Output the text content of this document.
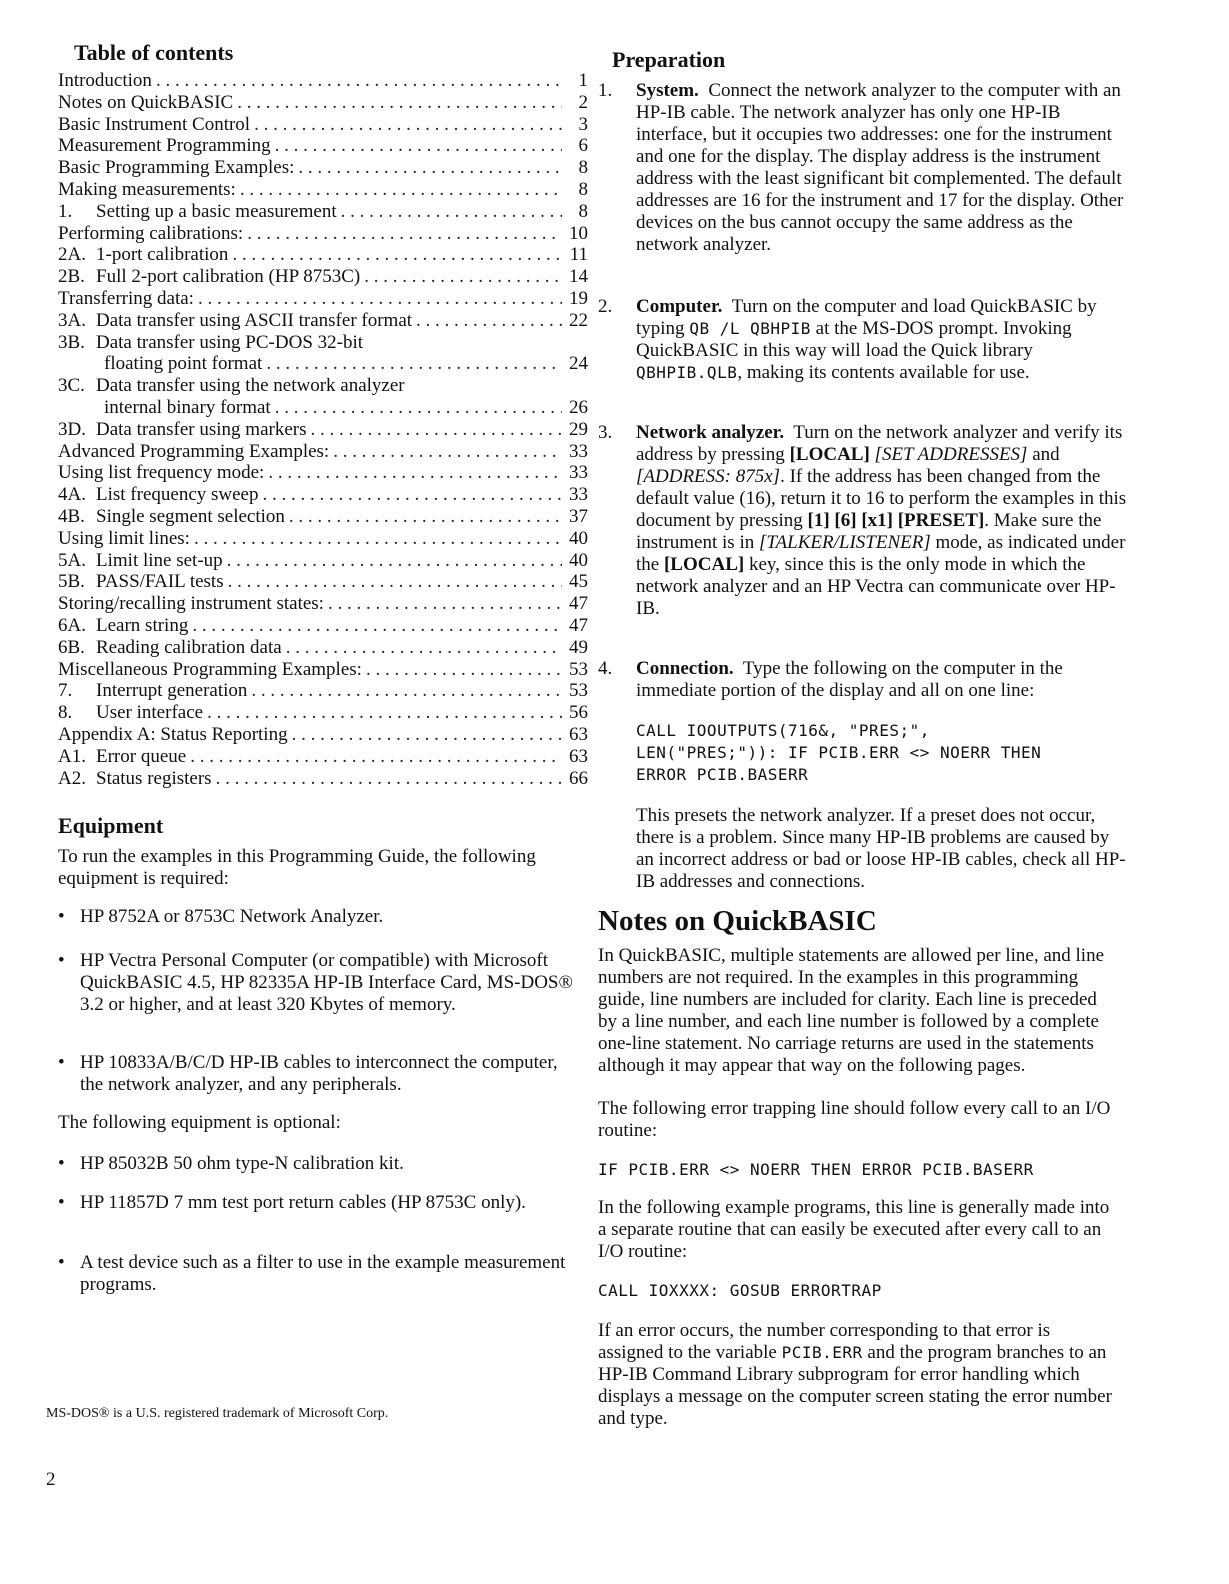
Table of contents
Introduction . . .	1
Notes on QuickBASIC . . .	2
Basic Instrument Control . . .	3
Measurement Programming . . .	6
Basic Programming Examples: . . .	8
Making measurements: . . .	8
1.	Setting up a basic measurement . . .	8
Performing calibrations: . . .	10
2A. 1-port calibration . . .	11
2B. Full 2-port calibration (HP 8753C) . . .	14
Transferring data: . . .	19
3A. Data transfer using ASCII transfer format . . .	22
3B. Data transfer using PC-DOS 32-bit
floating point format . . .	24
3C. Data transfer using the network analyzer
internal binary format . . .	26
3D. Data transfer using markers . . .	29
Advanced Programming Examples: . . .	33
Using list frequency mode: . . .	33
4A. List frequency sweep . . .	33
4B. Single segment selection . . .	37
Using limit lines: . . .	40
5A. Limit line set-up . . .	40
5B. PASS/FAIL tests . . .	45
Storing/recalling instrument states: . . .	47
6A. Learn string . . .	47
6B. Reading calibration data . . .	49
Miscellaneous Programming Examples: . . .	53
7.	Interrupt generation . . .	53
8.	User interface . . .	56
Appendix A: Status Reporting . . .	63
A1. Error queue . . .	63
A2. Status registers . . .	66
Equipment

To run the examples in this Programming Guide, the following equipment is required:

• HP 8752A or 8753C Network Analyzer.
• HP Vectra Personal Computer (or compatible) with Microsoft QuickBASIC 4.5, HP 82335A HP-IB Interface Card, MS-DOS® 3.2 or higher, and at least 320 Kbytes of memory.
• HP 10833A/B/C/D HP-IB cables to interconnect the computer, the network analyzer, and any peripherals.

The following equipment is optional:

• HP 85032B 50 ohm type-N calibration kit.
• HP 11857D 7 mm test port return cables (HP 8753C only).
• A test device such as a filter to use in the example measurement programs.
MS-DOS® is a U.S. registered trademark of Microsoft Corp.
2
Preparation
1.	System. Connect the network analyzer to the computer with an HP-IB cable. The network analyzer has only one HP-IB interface, but it occupies two addresses: one for the instrument and one for the display. The display address is the instrument address with the least significant bit complemented. The default addresses are 16 for the instrument and 17 for the display. Other devices on the bus cannot occupy the same address as the network analyzer.
2.	Computer. Turn on the computer and load QuickBASIC by typing QB /L QBHPIB at the MS-DOS prompt. Invoking QuickBASIC in this way will load the Quick library QBHPIB.QLB, making its contents available for use.
3.	Network analyzer. Turn on the network analyzer and verify its address by pressing [LOCAL] [SET ADDRESSES] and [ADDRESS: 875x]. If the address has been changed from the default value (16), return it to 16 to perform the examples in this document by pressing [1] [6] [x1] [PRESET]. Make sure the instrument is in [TALKER/LISTENER] mode, as indicated under the [LOCAL] key, since this is the only mode in which the network analyzer and an HP Vectra can communicate over HP-IB.
4.	Connection. Type the following on the computer in the immediate portion of the display and all on one line:
CALL IOOUTPUTS(716&, "PRES;",
LEN("PRES;")): IF PCIB.ERR <> NOERR THEN
ERROR PCIB.BASERR

This presets the network analyzer. If a preset does not occur, there is a problem. Since many HP-IB problems are caused by an incorrect address or bad or loose HP-IB cables, check all HP-IB addresses and connections.

Notes on QuickBASIC

In QuickBASIC, multiple statements are allowed per line, and line numbers are not required. In the examples in this programming guide, line numbers are included for clarity. Each line is preceded by a line number, and each line number is followed by a complete one-line statement. No carriage returns are used in the statements although it may appear that way on the following pages.

The following error trapping line should follow every call to an I/O routine:

IF PCIB.ERR <> NOERR THEN ERROR PCIB.BASERR

In the following example programs, this line is generally made into a separate routine that can easily be executed after every call to an I/O routine:

CALL IOXXXX: GOSUB ERRORTRAP

If an error occurs, the number corresponding to that error is assigned to the variable PCIB.ERR and the program branches to an HP-IB Command Library subprogram for error handling which displays a message on the computer screen stating the error number and type.
